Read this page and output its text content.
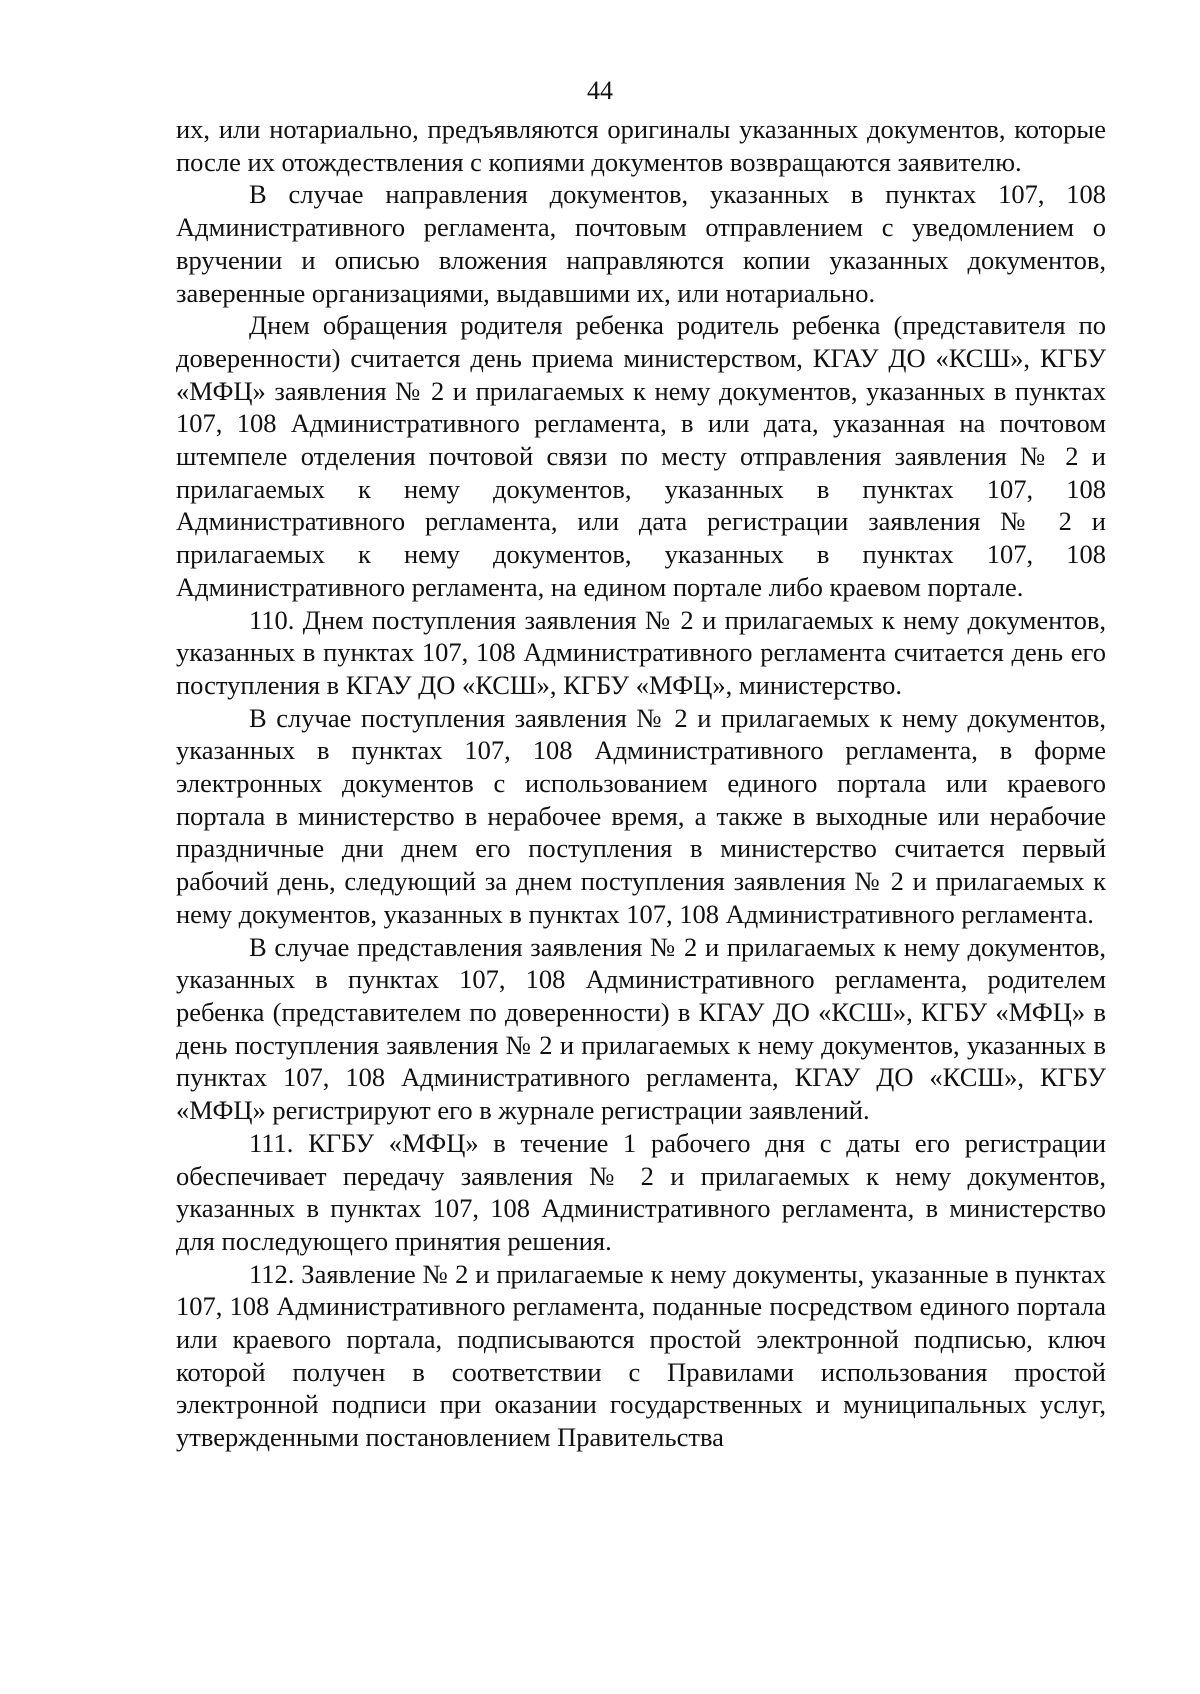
44

их, или нотариально, предъявляются оригиналы указанных документов, которые после их отождествления с копиями документов возвращаются заявителю.

В случае направления документов, указанных в пунктах 107, 108 Административного регламента, почтовым отправлением с уведомлением о вручении и описью вложения направляются копии указанных документов, заверенные организациями, выдавшими их, или нотариально.

Днем обращения родителя ребенка родитель ребенка (представителя по доверенности) считается день приема министерством, КГАУ ДО «КСШ», КГБУ «МФЦ» заявления № 2 и прилагаемых к нему документов, указанных в пунктах 107, 108 Административного регламента, в или дата, указанная на почтовом штемпеле отделения почтовой связи по месту отправления заявления № 2 и прилагаемых к нему документов, указанных в пунктах 107, 108 Административного регламента, или дата регистрации заявления № 2 и прилагаемых к нему документов, указанных в пунктах 107, 108 Административного регламента, на едином портале либо краевом портале.

110. Днем поступления заявления № 2 и прилагаемых к нему документов, указанных в пунктах 107, 108 Административного регламента считается день его поступления в КГАУ ДО «КСШ», КГБУ «МФЦ», министерство.

В случае поступления заявления № 2 и прилагаемых к нему документов, указанных в пунктах 107, 108 Административного регламента, в форме электронных документов с использованием единого портала или краевого портала в министерство в нерабочее время, а также в выходные или нерабочие праздничные дни днем его поступления в министерство считается первый рабочий день, следующий за днем поступления заявления № 2 и прилагаемых к нему документов, указанных в пунктах 107, 108 Административного регламента.

В случае представления заявления № 2 и прилагаемых к нему документов, указанных в пунктах 107, 108 Административного регламента, родителем ребенка (представителем по доверенности) в КГАУ ДО «КСШ», КГБУ «МФЦ» в день поступления заявления № 2 и прилагаемых к нему документов, указанных в пунктах 107, 108 Административного регламента, КГАУ ДО «КСШ», КГБУ «МФЦ» регистрируют его в журнале регистрации заявлений.

111. КГБУ «МФЦ» в течение 1 рабочего дня с даты его регистрации обеспечивает передачу заявления № 2 и прилагаемых к нему документов, указанных в пунктах 107, 108 Административного регламента, в министерство для последующего принятия решения.

112. Заявление № 2 и прилагаемые к нему документы, указанные в пунктах 107, 108 Административного регламента, поданные посредством единого портала или краевого портала, подписываются простой электронной подписью, ключ которой получен в соответствии с Правилами использования простой электронной подписи при оказании государственных и муниципальных услуг, утвержденными постановлением Правительства
